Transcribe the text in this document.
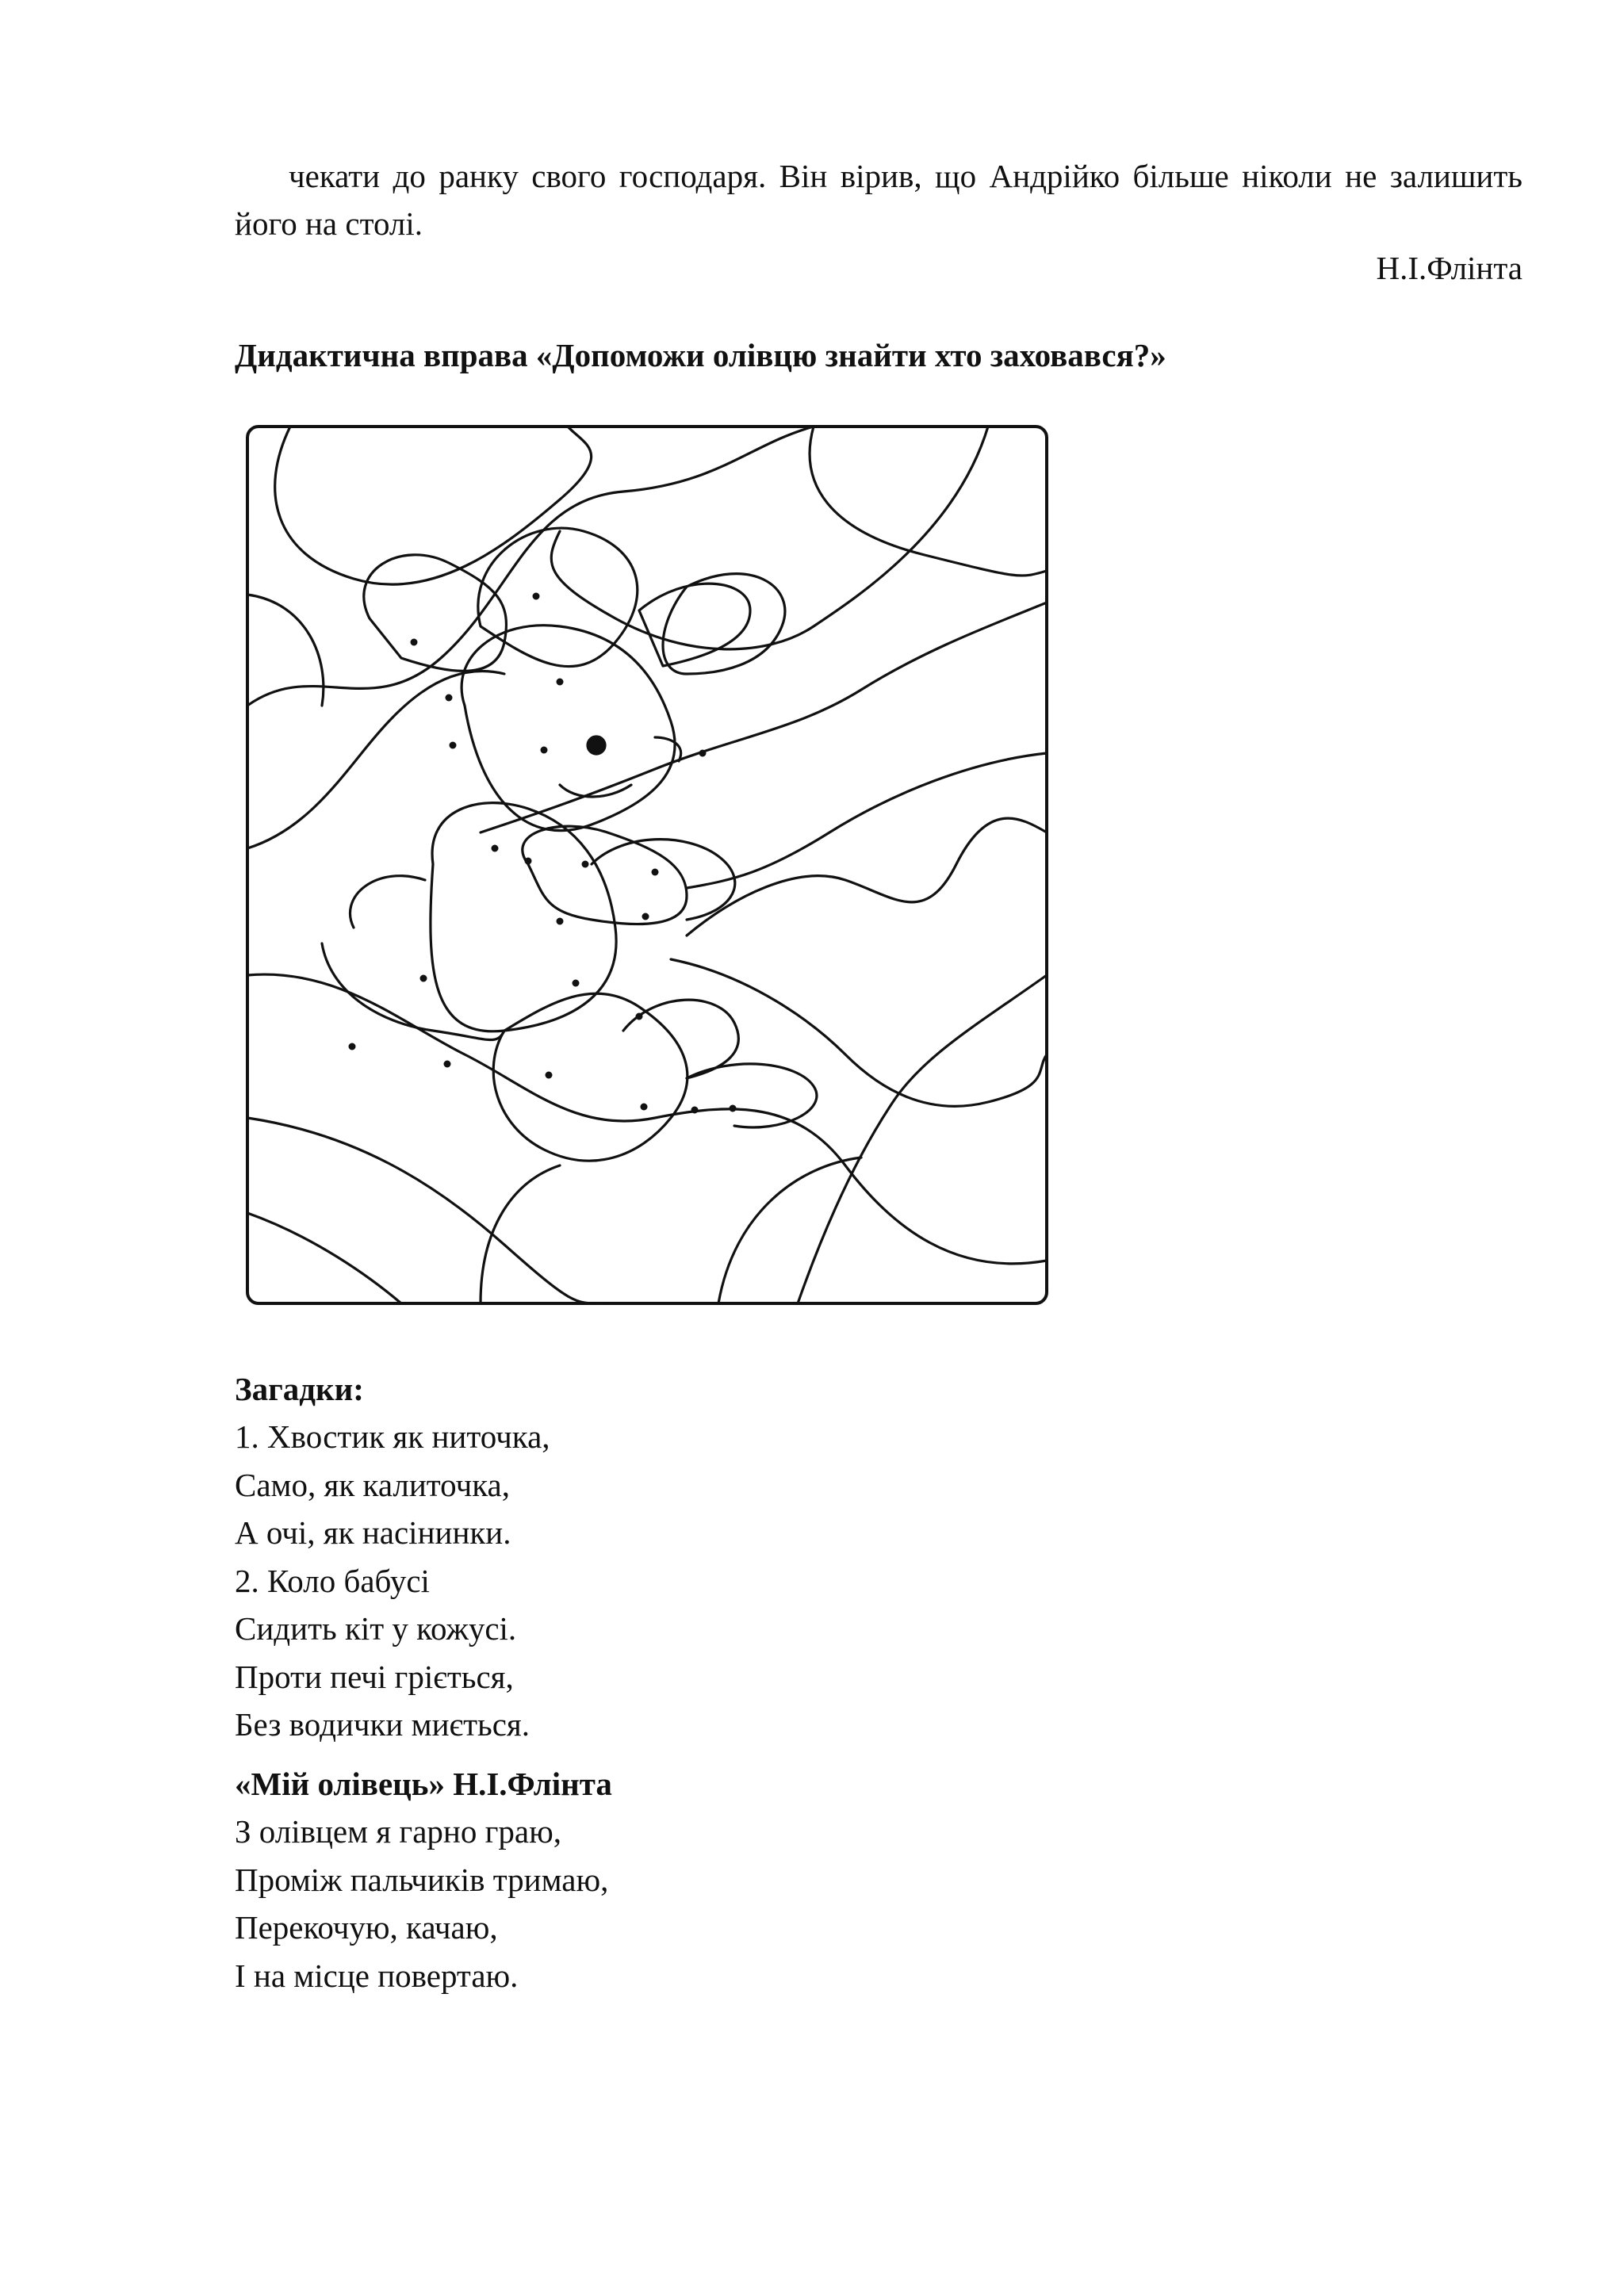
чекати до ранку свого господаря. Він вірив, що Андрійко більше ніколи не залишить його на столі.

Н.І.Флінта

Дидактична вправа «Допоможи олівцю знайти хто заховався?»

Загадки:

1. Хвостик як ниточка,
Само, як калиточка,
А очі, як насінинки.
2. Коло бабусі
Сидить кіт у кожусі.
Проти печі гріється,
Без водички миється.

«Мій олівець» Н.І.Флінта

З олівцем я гарно граю,
Проміж пальчиків тримаю,
Перекочую, качаю,
І на місце повертаю.
